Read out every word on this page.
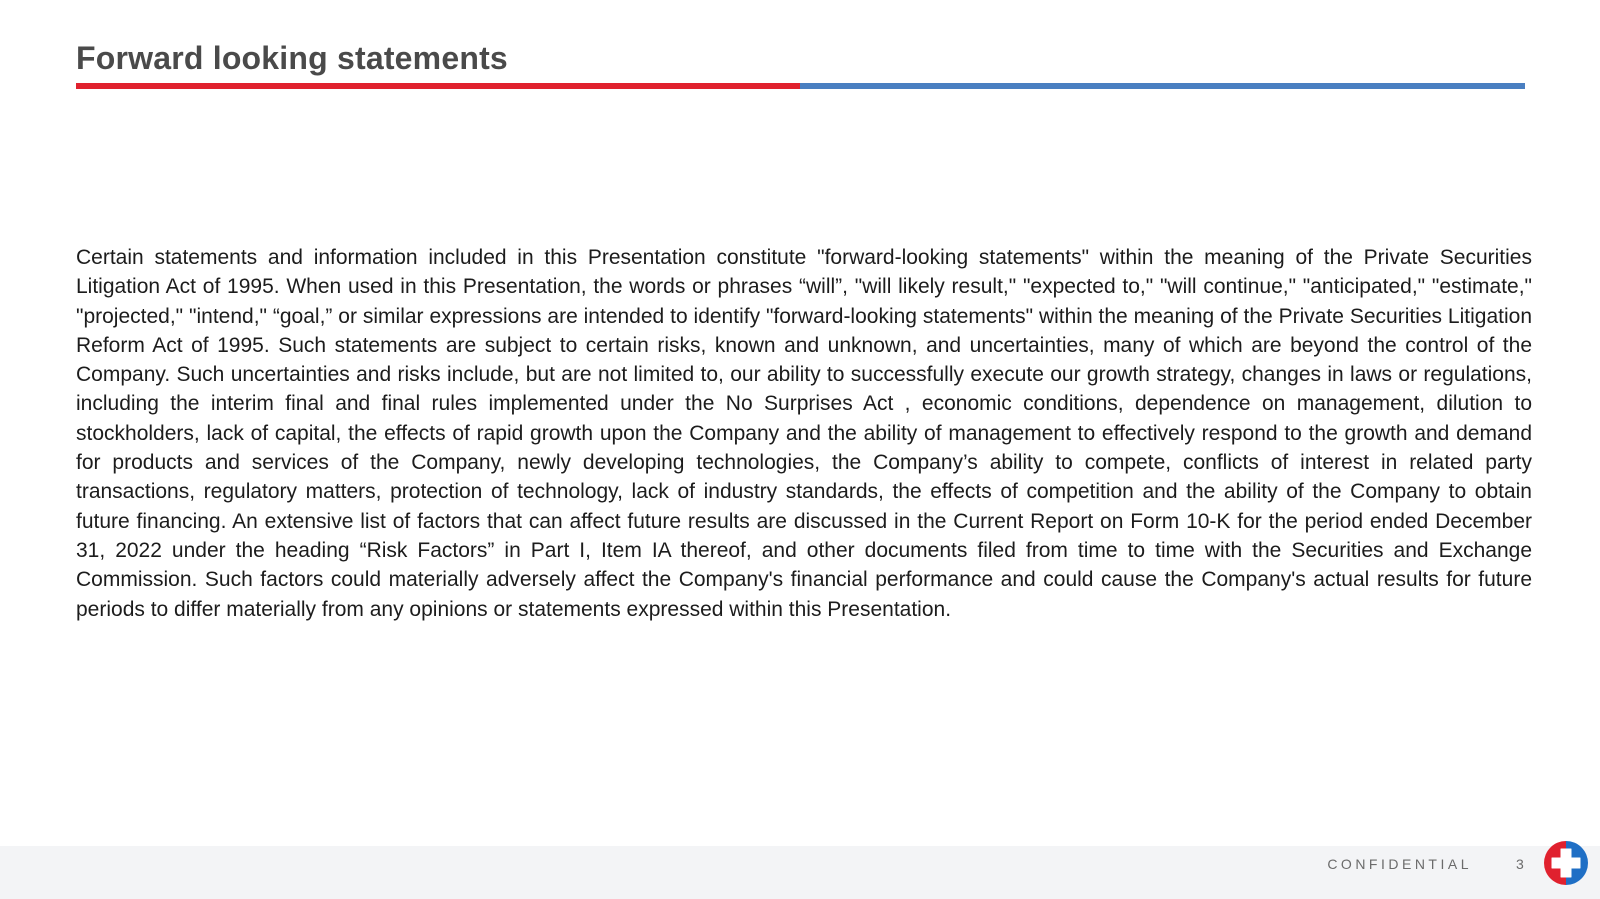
Forward looking statements

Certain statements and information included in this Presentation constitute "forward-looking statements" within the meaning of the Private Securities Litigation Act of 1995. When used in this Presentation, the words or phrases “will”, "will likely result," "expected to," "will continue," "anticipated," "estimate," "projected," "intend," “goal,” or similar expressions are intended to identify "forward-looking statements" within the meaning of the Private Securities Litigation Reform Act of 1995. Such statements are subject to certain risks, known and unknown, and uncertainties, many of which are beyond the control of the Company. Such uncertainties and risks include, but are not limited to, our ability to successfully execute our growth strategy, changes in laws or regulations, including the interim final and final rules implemented under the No Surprises Act , economic conditions, dependence on management, dilution to stockholders, lack of capital, the effects of rapid growth upon the Company and the ability of management to effectively respond to the growth and demand for products and services of the Company, newly developing technologies, the Company’s ability to compete, conflicts of interest in related party transactions, regulatory matters, protection of technology, lack of industry standards, the effects of competition and the ability of the Company to obtain future financing. An extensive list of factors that can affect future results are discussed in the Current Report on Form 10-K for the period ended December 31, 2022 under the heading “Risk Factors” in Part I, Item IA thereof, and other documents filed from time to time with the Securities and Exchange Commission. Such factors could materially adversely affect the Company's financial performance and could cause the Company's actual results for future periods to differ materially from any opinions or statements expressed within this Presentation.

CONFIDENTIAL	3
